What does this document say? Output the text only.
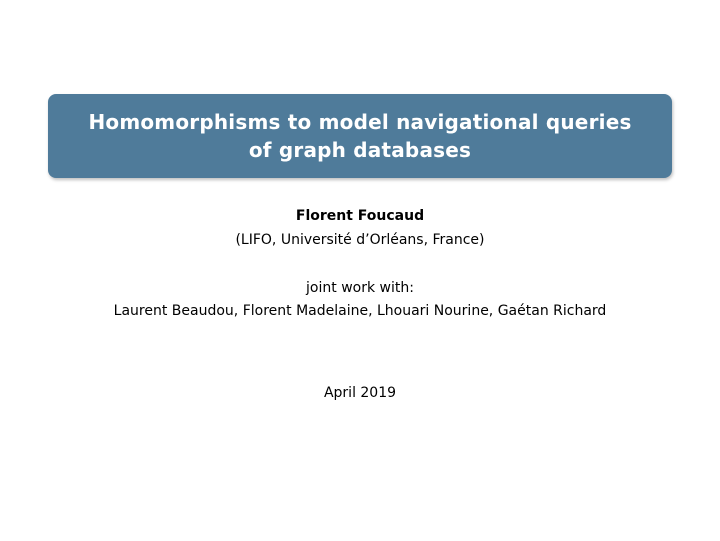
Homomorphisms to model navigational queries
of graph databases
Florent Foucaud
(LIFO, Université d’Orléans, France)
joint work with:
Laurent Beaudou, Florent Madelaine, Lhouari Nourine, Gaétan Richard
April 2019
